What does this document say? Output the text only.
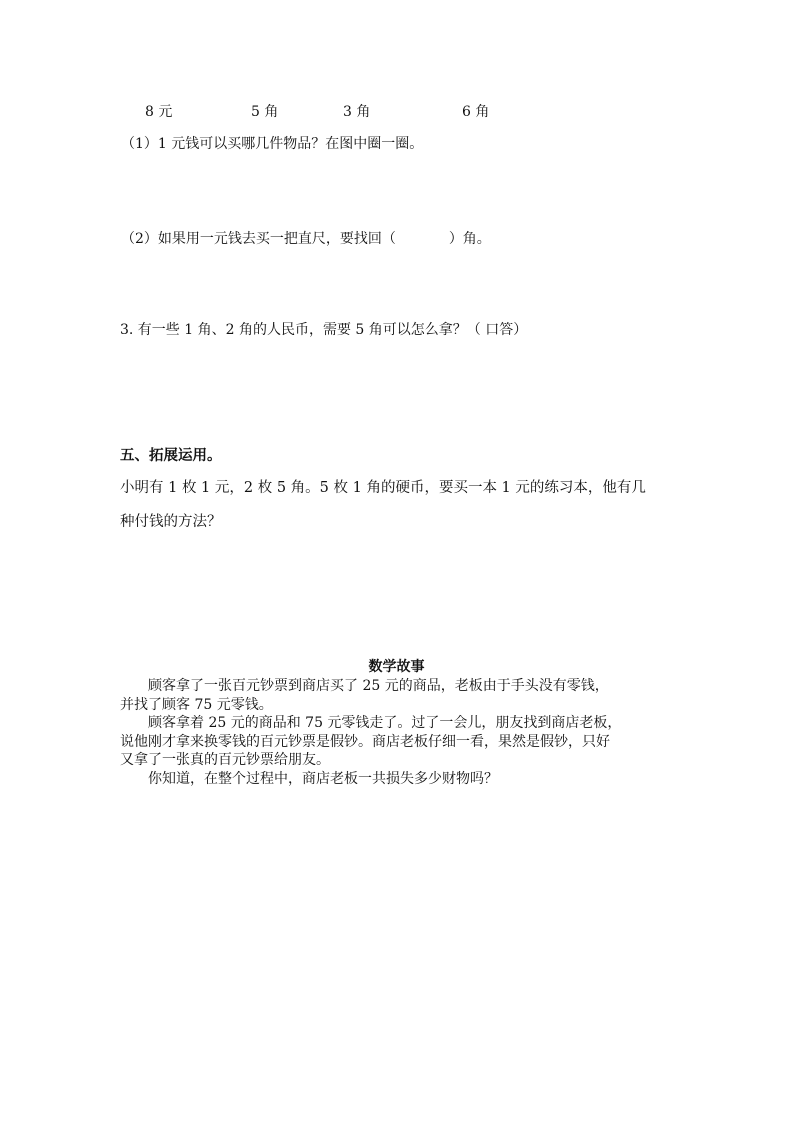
8 元	5 角	3 角	6 角
（1）1 元钱可以买哪几件物品？在图中圈一圈。
（2）如果用一元钱去买一把直尺，要找回（	）角。
3. 有一些 1 角、2 角的人民币，需要 5 角可以怎么拿？（ 口答）
五、拓展运用。
小明有 1 枚 1 元，2 枚 5 角。5 枚 1 角的硬币，要买一本 1 元的练习本，他有几
种付钱的方法？
数学故事

顾客拿了一张百元钞票到商店买了 25 元的商品，老板由于手头没有零钱，

并找了顾客 75 元零钱。

顾客拿着 25 元的商品和 75 元零钱走了。过了一会儿，朋友找到商店老板，

说他刚才拿来换零钱的百元钞票是假钞。商店老板仔细一看，果然是假钞，只好

又拿了一张真的百元钞票给朋友。

你知道，在整个过程中，商店老板一共损失多少财物吗？
